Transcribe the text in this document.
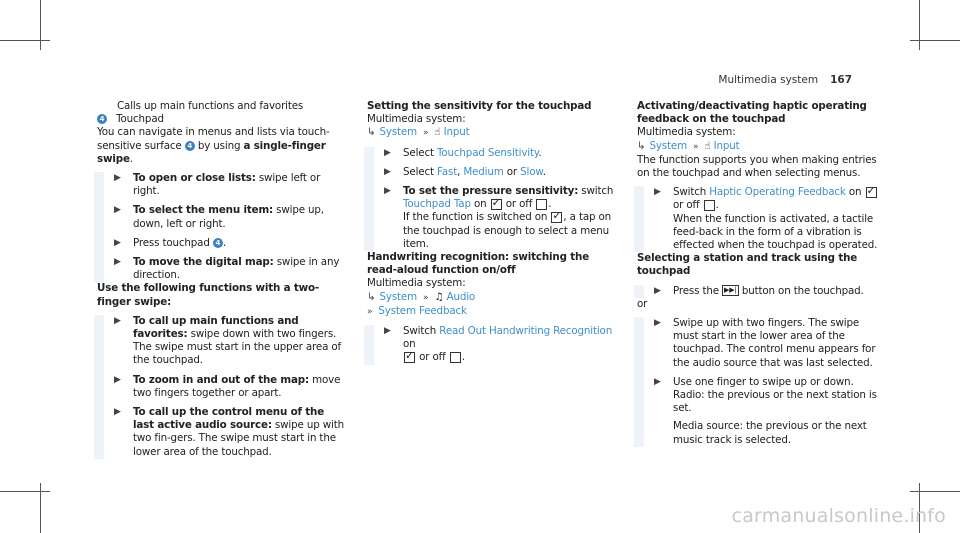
Multimedia system 167

Calls up main functions and favorites

4 Touchpad

You can navigate in menus and lists via touch-sensitive surface 4 by using a single-finger swipe.

▶ To open or close lists: swipe left or right.
▶ To select the menu item: swipe up, down, left or right.
▶ Press touchpad 4 .
▶ To move the digital map: swipe in any direction.

Use the following functions with a two-finger swipe:

▶ To call up main functions and favorites: swipe down with two fingers. The swipe must start in the upper area of the touchpad.
▶ To zoom in and out of the map: move two fingers together or apart.
▶ To call up the control menu of the last active audio source: swipe up with two fin-gers. The swipe must start in the lower area of the touchpad.

Setting the sensitivity for the touchpad

Multimedia system:

↳ System » ☝ Input

▶ Select Touchpad Sensitivity.
▶ Select Fast, Medium or Slow.
▶ To set the pressure sensitivity: switch Touchpad Tap on ✓ or off .
If the function is switched on ✓ , a tap on the touchpad is enough to select a menu item.

Handwriting recognition: switching the read-aloud function on/off

Multimedia system:

↳ System » ♫ Audio

» System Feedback

▶ Switch Read Out Handwriting Recognition on
✓ or off .

Activating/deactivating haptic operating feedback on the touchpad

Multimedia system:

↳ System » ☝ Input

The function supports you when making entries on the touchpad and when selecting menus.

▶ Switch Haptic Operating Feedback on ✓ or off .
When the function is activated, a tactile feed-back in the form of a vibration is effected when the touchpad is operated.

Selecting a station and track using the touchpad

▶ Press the ▶▶| button on the touchpad.

or

▶ Swipe up with two fingers. The swipe must start in the lower area of the touchpad. The control menu appears for the audio source that was last selected.
▶ Use one finger to swipe up or down.
Radio: the previous or the next station is set.
Media source: the previous or the next music track is selected.
carmanualsonline.info
